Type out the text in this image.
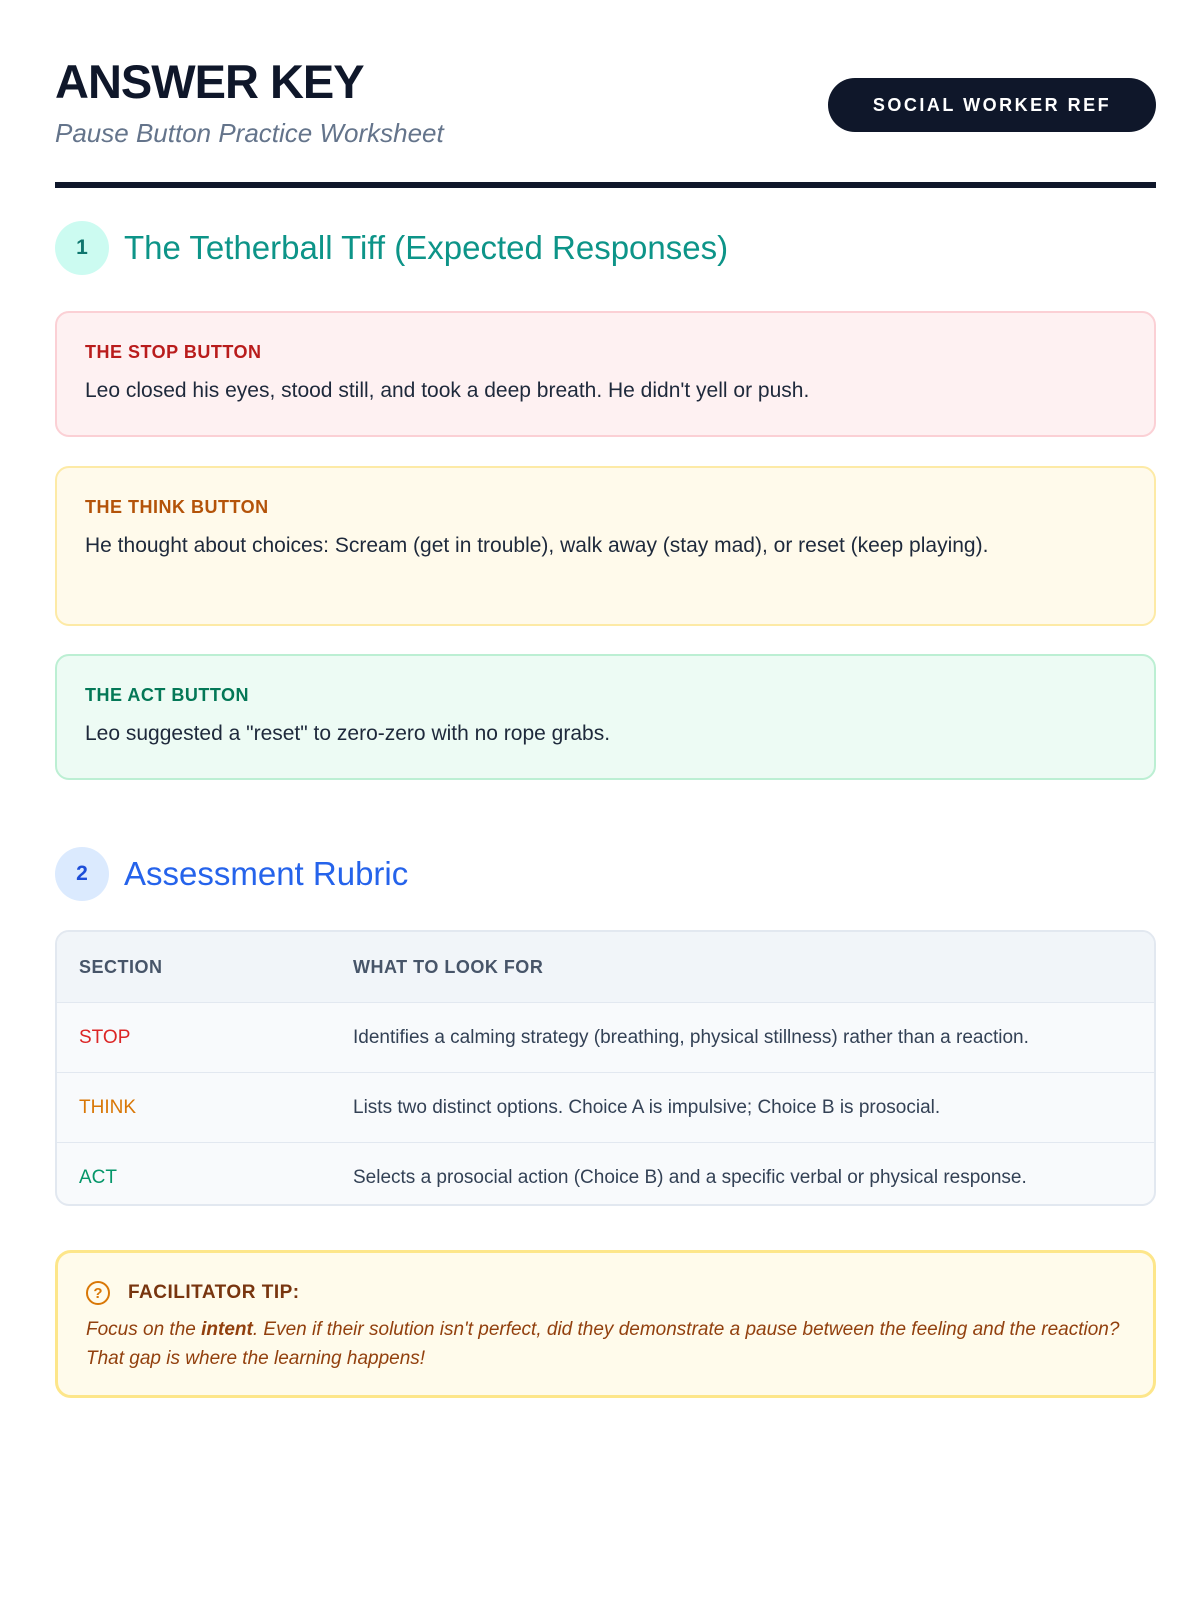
ANSWER KEY
Pause Button Practice Worksheet
SOCIAL WORKER REF
1	The Tetherball Tiff (Expected Responses)
THE STOP BUTTON
Leo closed his eyes, stood still, and took a deep breath. He didn't yell or push.
THE THINK BUTTON
He thought about choices: Scream (get in trouble), walk away (stay mad), or reset (keep playing).
THE ACT BUTTON
Leo suggested a "reset" to zero-zero with no rope grabs.
2	Assessment Rubric
SECTION	WHAT TO LOOK FOR
STOP	Identifies a calming strategy (breathing, physical stillness) rather than a reaction.
THINK	Lists two distinct options. Choice A is impulsive; Choice B is prosocial.
ACT	Selects a prosocial action (Choice B) and a specific verbal or physical response.
?	FACILITATOR TIP:
Focus on the intent. Even if their solution isn't perfect, did they demonstrate a pause between the feeling and the reaction? That gap is where the learning happens!
